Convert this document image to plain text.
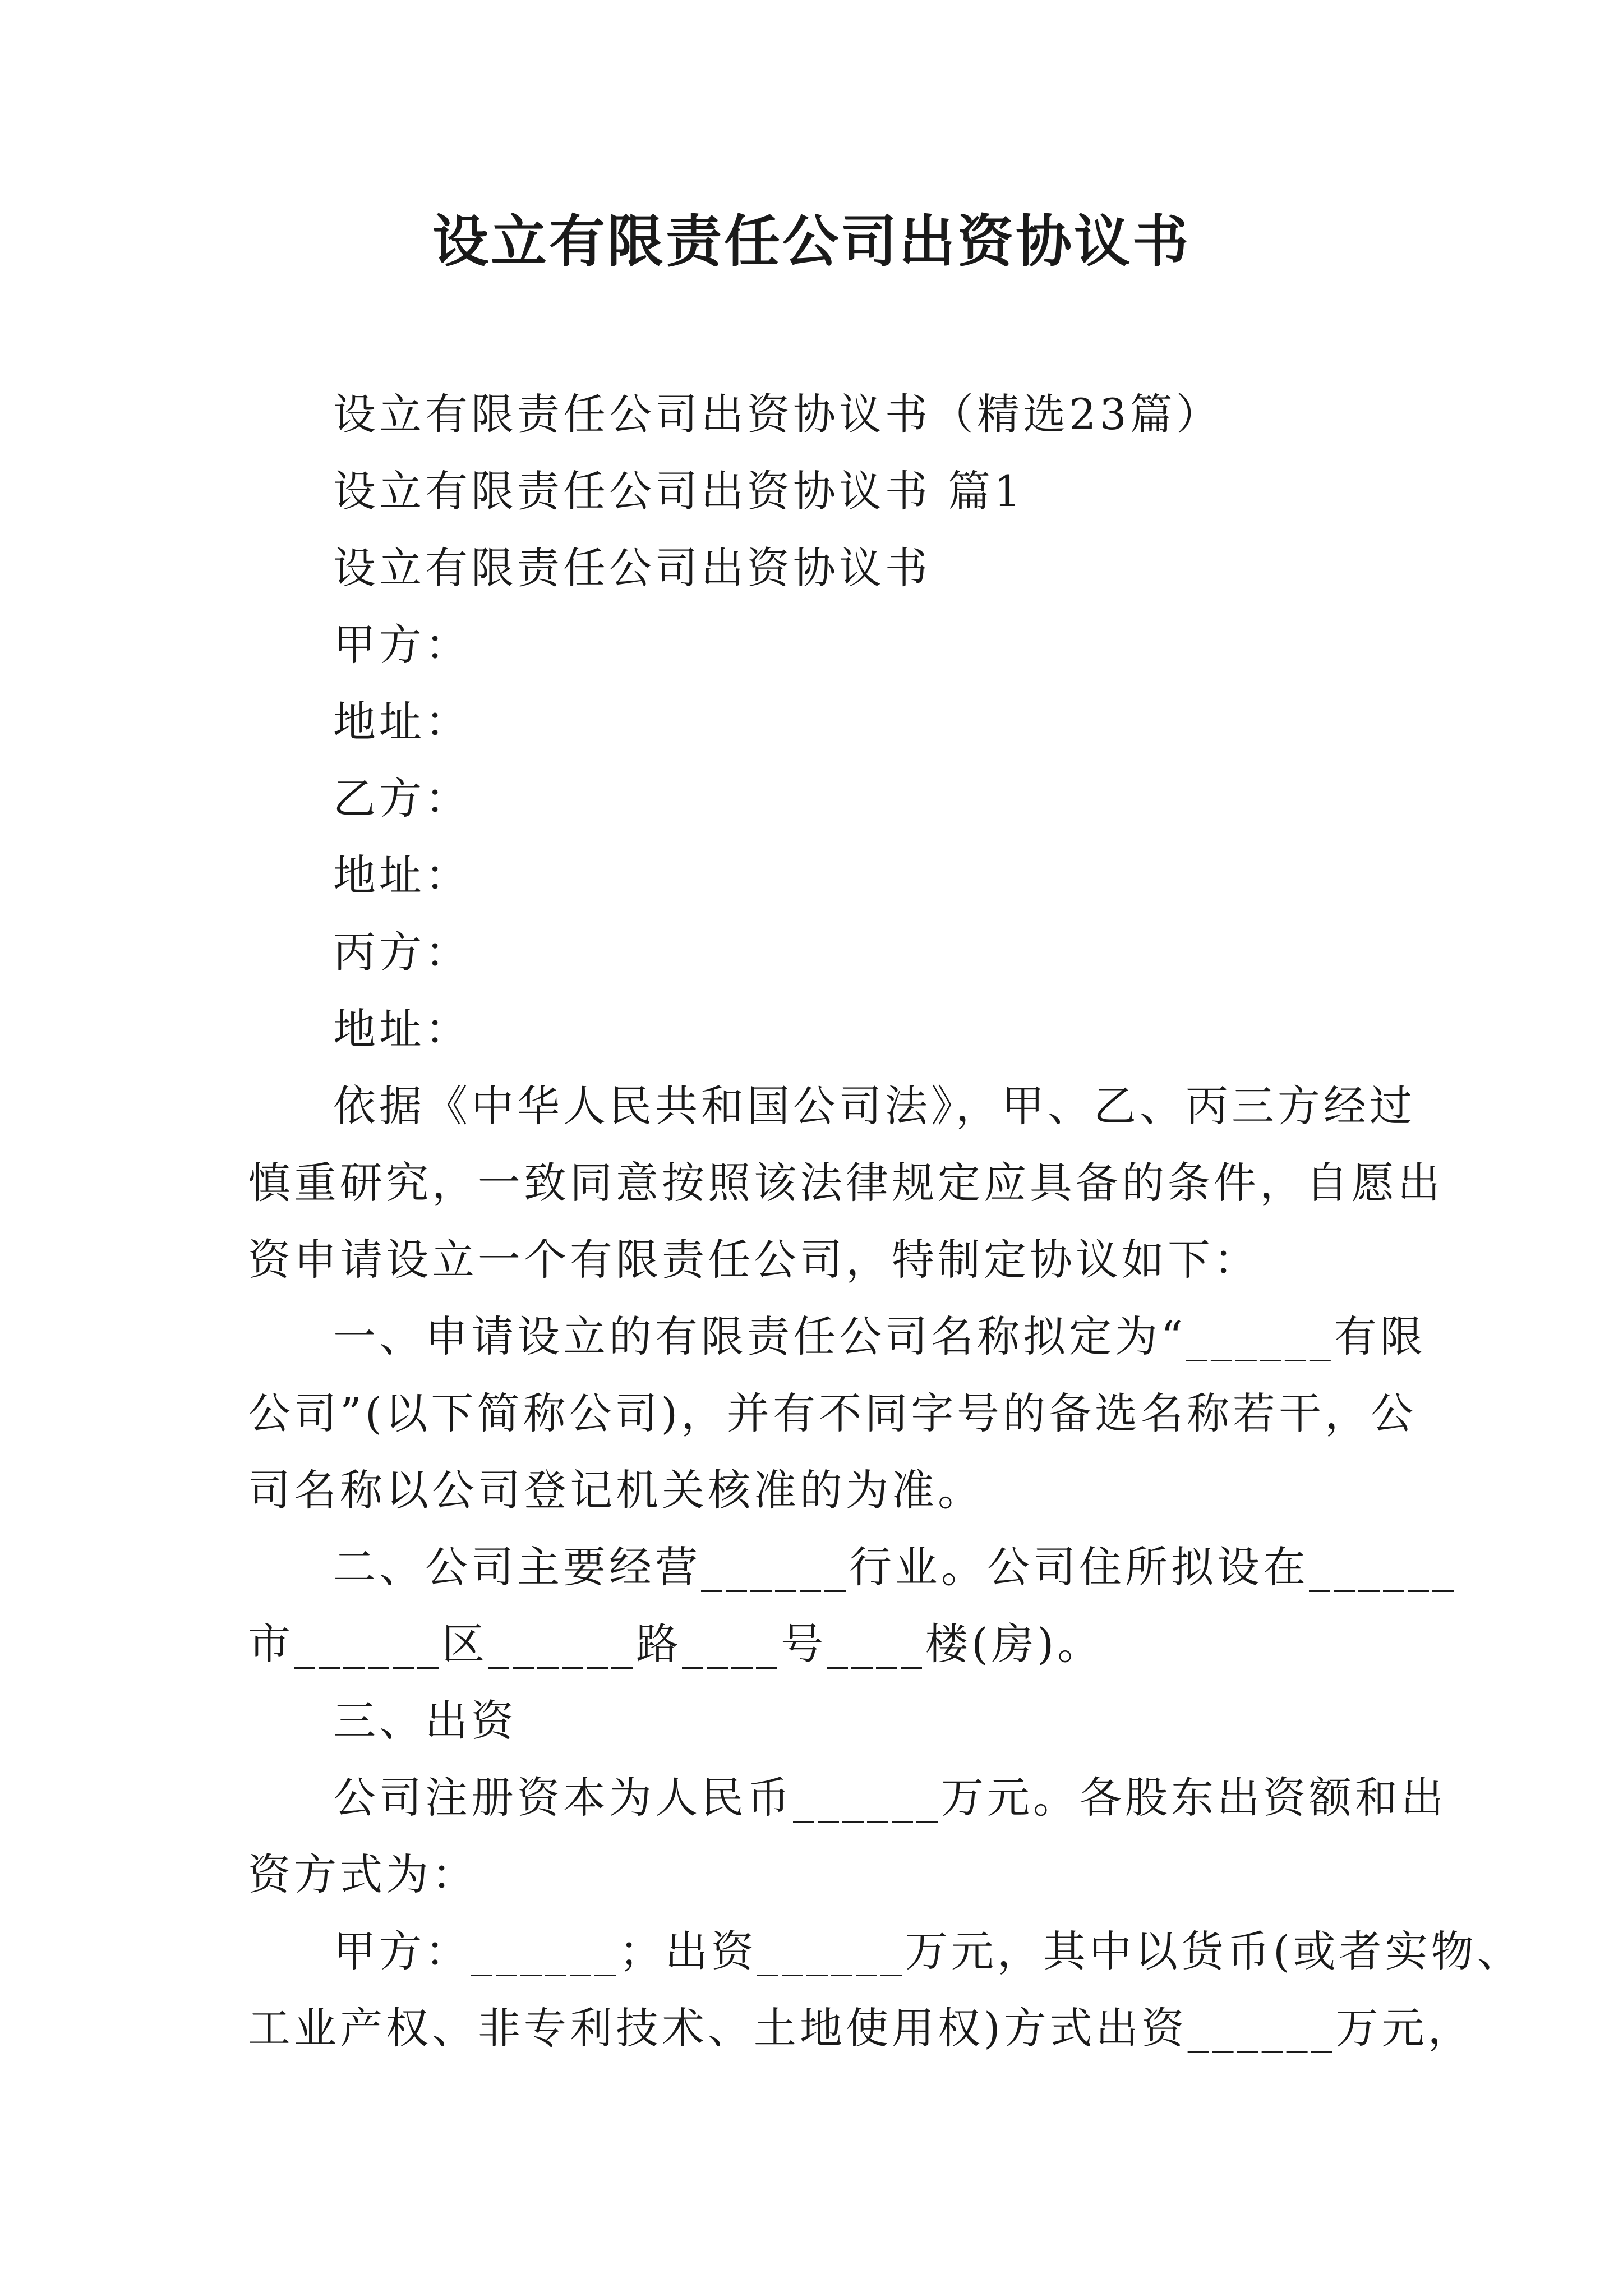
设立有限责任公司出资协议书
设立有限责任公司出资协议书（精选23篇）
设立有限责任公司出资协议书 篇1
设立有限责任公司出资协议书
甲方：
地址：
乙方：
地址：
丙方：
地址：
依据《中华人民共和国公司法》，甲、乙、丙三方经过
慎重研究，一致同意按照该法律规定应具备的条件，自愿出
资申请设立一个有限责任公司，特制定协议如下：
一、申请设立的有限责任公司名称拟定为“______有限
公司”(以下简称公司)，并有不同字号的备选名称若干，公
司名称以公司登记机关核准的为准。
二、公司主要经营______行业。公司住所拟设在______
市______区______路____号____楼(房)。
三、出资
公司注册资本为人民币______万元。各股东出资额和出
资方式为：
甲方：______；出资______万元，其中以货币(或者实物、
工业产权、非专利技术、土地使用权)方式出资______万元，
